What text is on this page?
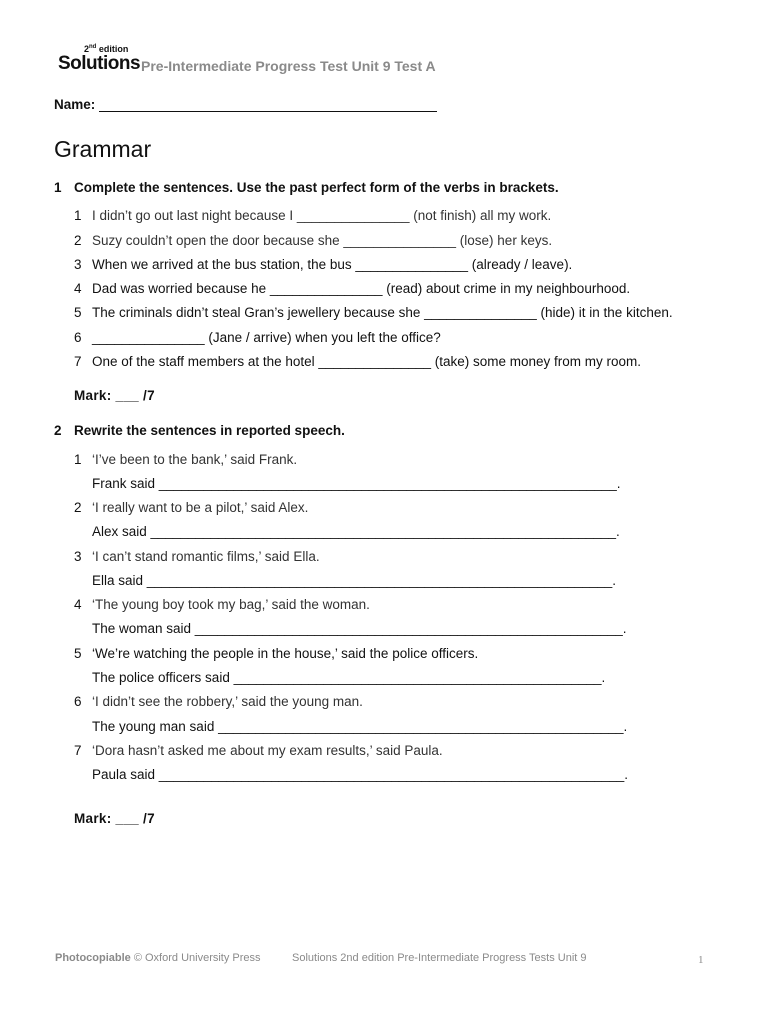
2nd edition
Solutions Pre-Intermediate Progress Test Unit 9 Test A
Name:
Grammar
1 Complete the sentences. Use the past perfect form of the verbs in brackets.
1 I didn’t go out last night because I _______________ (not finish) all my work.
2 Suzy couldn’t open the door because she _______________ (lose) her keys.
3 When we arrived at the bus station, the bus _______________ (already / leave).
4 Dad was worried because he _______________ (read) about crime in my neighbourhood.
5 The criminals didn’t steal Gran’s jewellery because she _______________ (hide) it in the kitchen.
6 _______________ (Jane / arrive) when you left the office?
7 One of the staff members at the hotel _______________ (take) some money from my room.
Mark: ___ /7
2 Rewrite the sentences in reported speech.
1 ‘I’ve been to the bank,’ said Frank.
Frank said _____________________________________________________________.
2 ‘I really want to be a pilot,’ said Alex.
Alex said ______________________________________________________________.
3 ‘I can’t stand romantic films,’ said Ella.
Ella said ______________________________________________________________.
4 ‘The young boy took my bag,’ said the woman.
The woman said _________________________________________________________.
5 ‘We’re watching the people in the house,’ said the police officers.
The police officers said _________________________________________________.
6 ‘I didn’t see the robbery,’ said the young man.
The young man said ______________________________________________________.
7 ‘Dora hasn’t asked me about my exam results,’ said Paula.
Paula said ______________________________________________________________.
Mark: ___ /7
Photocopiable © Oxford University Press	Solutions 2nd edition Pre-Intermediate Progress Tests Unit 9	1
